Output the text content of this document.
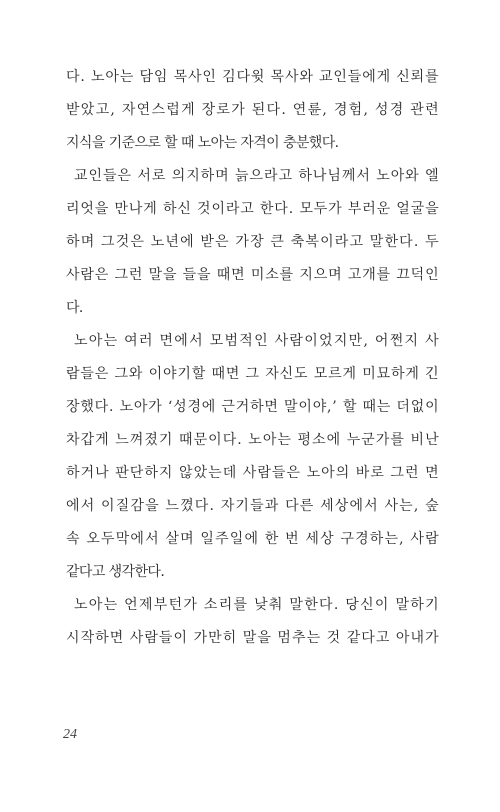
다. 노아는 담임 목사인 김다윗 목사와 교인들에게 신뢰를
받았고, 자연스럽게 장로가 된다. 연륜, 경험, 성경 관련
지식을 기준으로 할 때 노아는 자격이 충분했다.
교인들은 서로 의지하며 늙으라고 하나님께서 노아와 엘
리엇을 만나게 하신 것이라고 한다. 모두가 부러운 얼굴을
하며 그것은 노년에 받은 가장 큰 축복이라고 말한다. 두
사람은 그런 말을 들을 때면 미소를 지으며 고개를 끄덕인
다.
노아는 여러 면에서 모범적인 사람이었지만, 어쩐지 사
람들은 그와 이야기할 때면 그 자신도 모르게 미묘하게 긴
장했다. 노아가 ‘성경에 근거하면 말이야,’ 할 때는 더없이
차갑게 느껴졌기 때문이다. 노아는 평소에 누군가를 비난
하거나 판단하지 않았는데 사람들은 노아의 바로 그런 면
에서 이질감을 느꼈다. 자기들과 다른 세상에서 사는, 숲
속 오두막에서 살며 일주일에 한 번 세상 구경하는, 사람
같다고 생각한다.
노아는 언제부턴가 소리를 낮춰 말한다. 당신이 말하기
시작하면 사람들이 가만히 말을 멈추는 것 같다고 아내가
24
